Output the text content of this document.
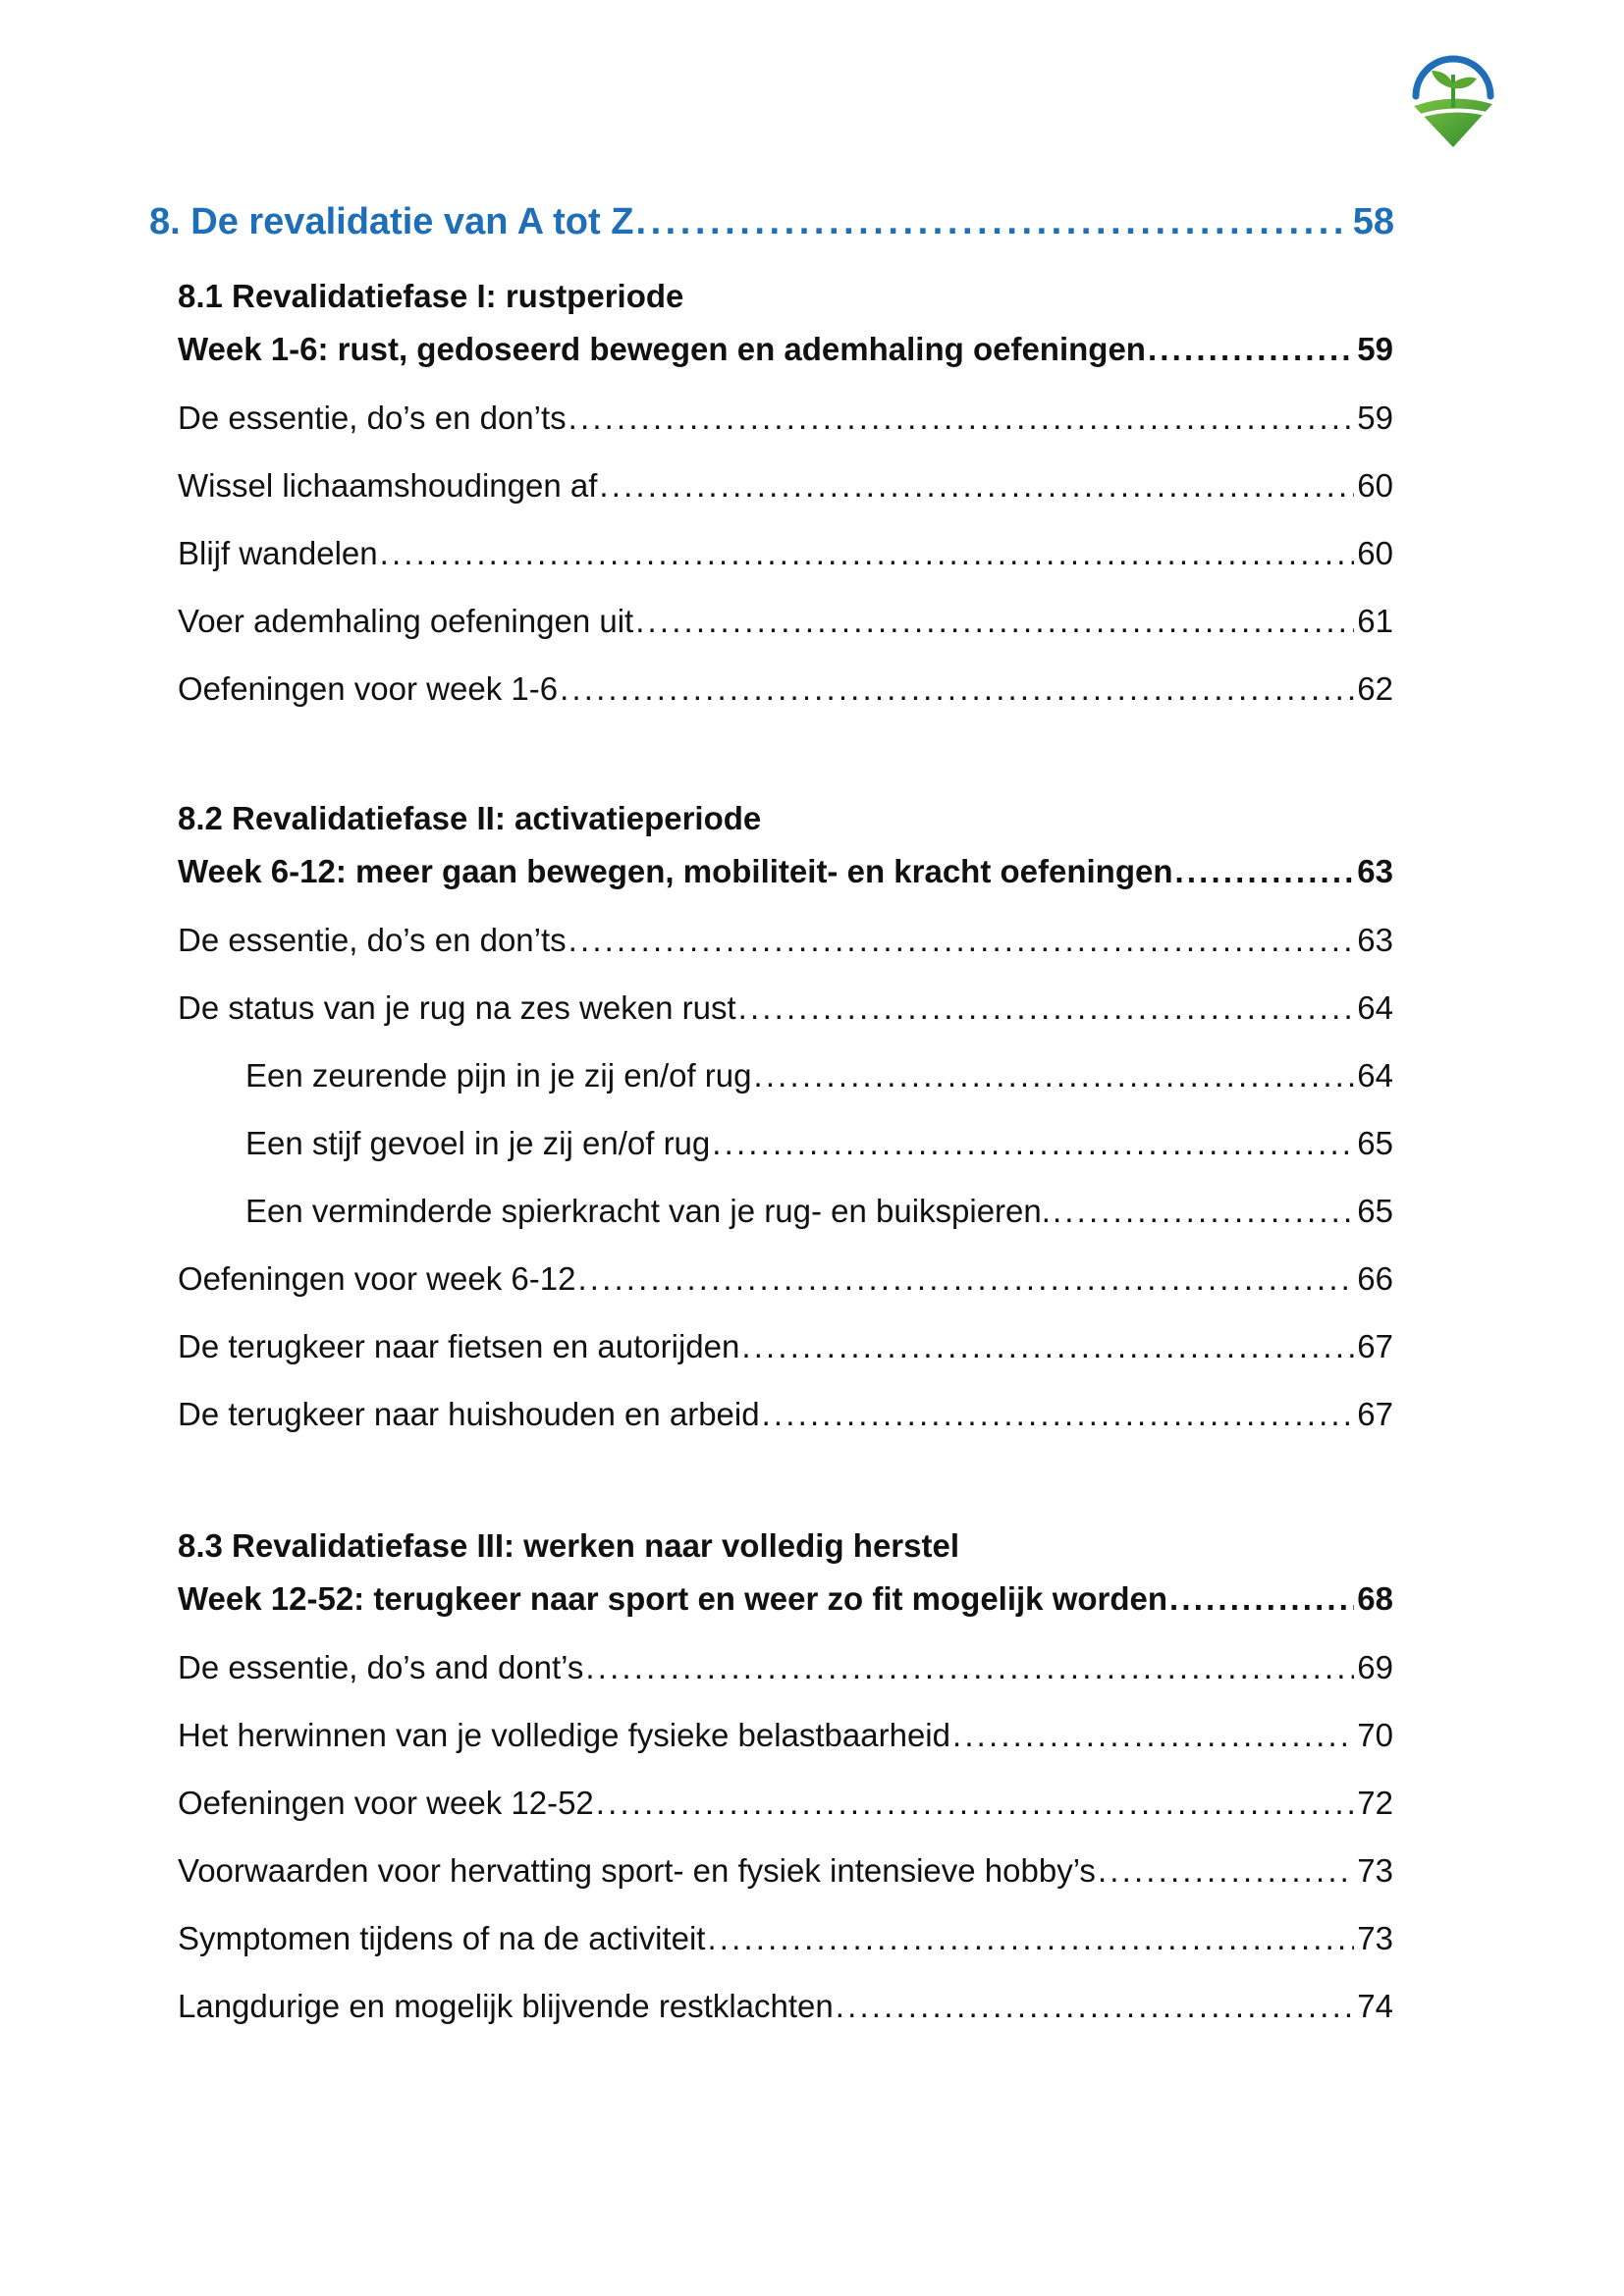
8. De revalidatie van A tot Z . . .	58
8.1 Revalidatiefase I: rustperiode
Week 1-6: rust, gedoseerd bewegen en ademhaling oefeningen . . .	59
De essentie, do’s en don’ts . . .	59
Wissel lichaamshoudingen af . . .	60
Blijf wandelen . . .	60
Voer ademhaling oefeningen uit . . .	61
Oefeningen voor week 1-6 . . .	62
8.2 Revalidatiefase II: activatieperiode
Week 6-12: meer gaan bewegen, mobiliteit- en kracht oefeningen . . .	63
De essentie, do’s en don’ts . . .	63
De status van je rug na zes weken rust . . .	64
Een zeurende pijn in je zij en/of rug . . .	64
Een stijf gevoel in je zij en/of rug . . .	65
Een verminderde spierkracht van je rug- en buikspieren. . . .	65
Oefeningen voor week 6-12 . . .	66
De terugkeer naar fietsen en autorijden . . .	67
De terugkeer naar huishouden en arbeid . . .	67
8.3 Revalidatiefase III: werken naar volledig herstel
Week 12-52: terugkeer naar sport en weer zo fit mogelijk worden . . .	68
De essentie, do’s and dont’s . . .	69
Het herwinnen van je volledige fysieke belastbaarheid . . .	70
Oefeningen voor week 12-52 . . .	72
Voorwaarden voor hervatting sport- en fysiek intensieve hobby’s . . .	73
Symptomen tijdens of na de activiteit . . .	73
Langdurige en mogelijk blijvende restklachten . . .	74
